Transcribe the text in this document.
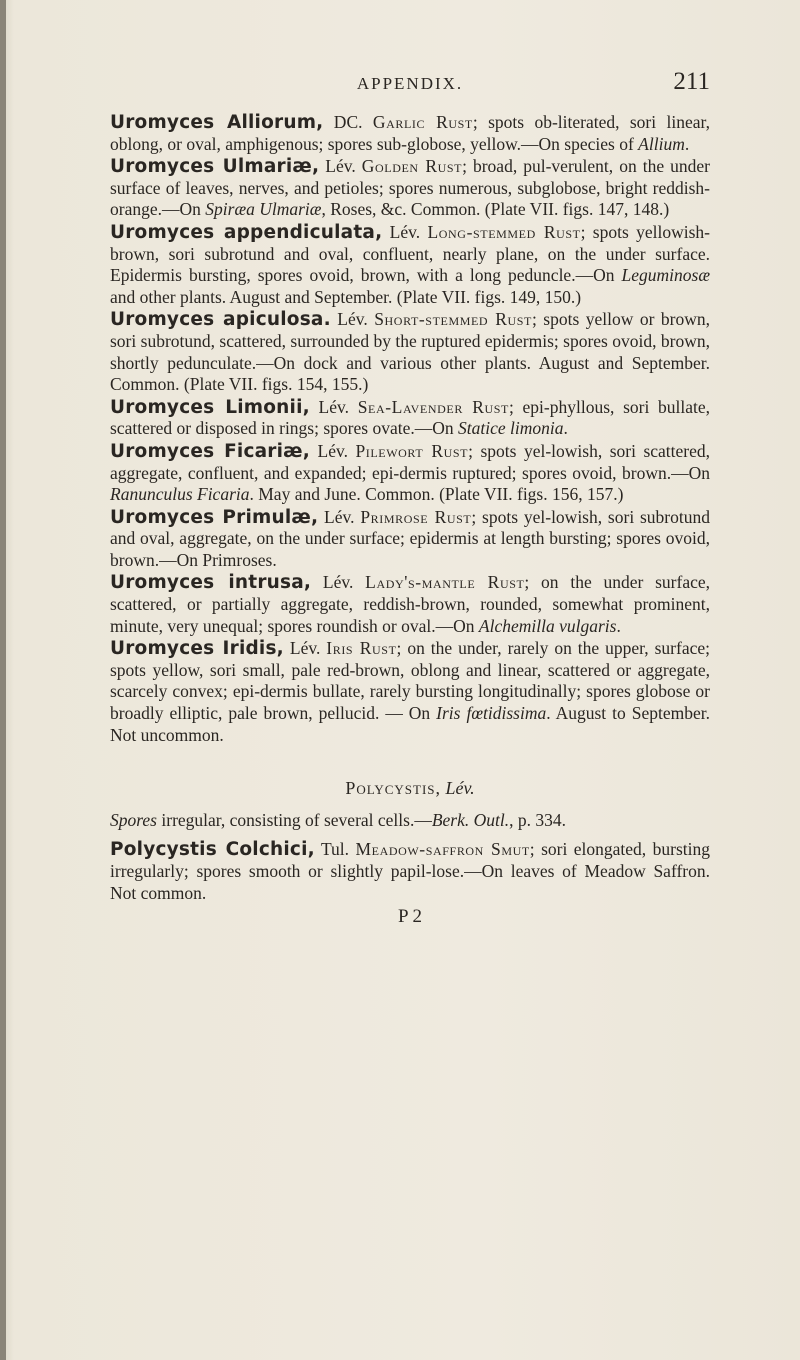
APPENDIX.	211

Uromyces Alliorum, DC. Garlic Rust; spots ob-literated, sori linear, oblong, or oval, amphigenous; spores sub-globose, yellow.—On species of Allium.

Uromyces Ulmariæ, Lév. Golden Rust; broad, pul-verulent, on the under surface of leaves, nerves, and petioles; spores numerous, subglobose, bright reddish-orange.—On Spiræa Ulmariæ, Roses, &c. Common. (Plate VII. figs. 147, 148.)

Uromyces appendiculata, Lév. Long-stemmed Rust; spots yellowish-brown, sori subrotund and oval, confluent, nearly plane, on the under surface. Epidermis bursting, spores ovoid, brown, with a long peduncle.—On Leguminosæ and other plants. August and September. (Plate VII. figs. 149, 150.)

Uromyces apiculosa. Lév. Short-stemmed Rust; spots yellow or brown, sori subrotund, scattered, surrounded by the ruptured epidermis; spores ovoid, brown, shortly pedunculate.—On dock and various other plants. August and September. Common. (Plate VII. figs. 154, 155.)

Uromyces Limonii, Lév. Sea-Lavender Rust; epi-phyllous, sori bullate, scattered or disposed in rings; spores ovate.—On Statice limonia.

Uromyces Ficariæ, Lév. Pilewort Rust; spots yel-lowish, sori scattered, aggregate, confluent, and expanded; epi-dermis ruptured; spores ovoid, brown.—On Ranunculus Ficaria. May and June. Common. (Plate VII. figs. 156, 157.)

Uromyces Primulæ, Lév. Primrose Rust; spots yel-lowish, sori subrotund and oval, aggregate, on the under surface; epidermis at length bursting; spores ovoid, brown.—On Primroses.

Uromyces intrusa, Lév. Lady's-mantle Rust; on the under surface, scattered, or partially aggregate, reddish-brown, rounded, somewhat prominent, minute, very unequal; spores roundish or oval.—On Alchemilla vulgaris.

Uromyces Iridis, Lév. Iris Rust; on the under, rarely on the upper, surface; spots yellow, sori small, pale red-brown, oblong and linear, scattered or aggregate, scarcely convex; epi-dermis bullate, rarely bursting longitudinally; spores globose or broadly elliptic, pale brown, pellucid. — On Iris fœtidissima. August to September. Not uncommon.

Polycystis, Lév.

Spores irregular, consisting of several cells.—Berk. Outl., p. 334.

Polycystis Colchici, Tul. Meadow-saffron Smut; sori elongated, bursting irregularly; spores smooth or slightly papil-lose.—On leaves of Meadow Saffron. Not common.

P 2
